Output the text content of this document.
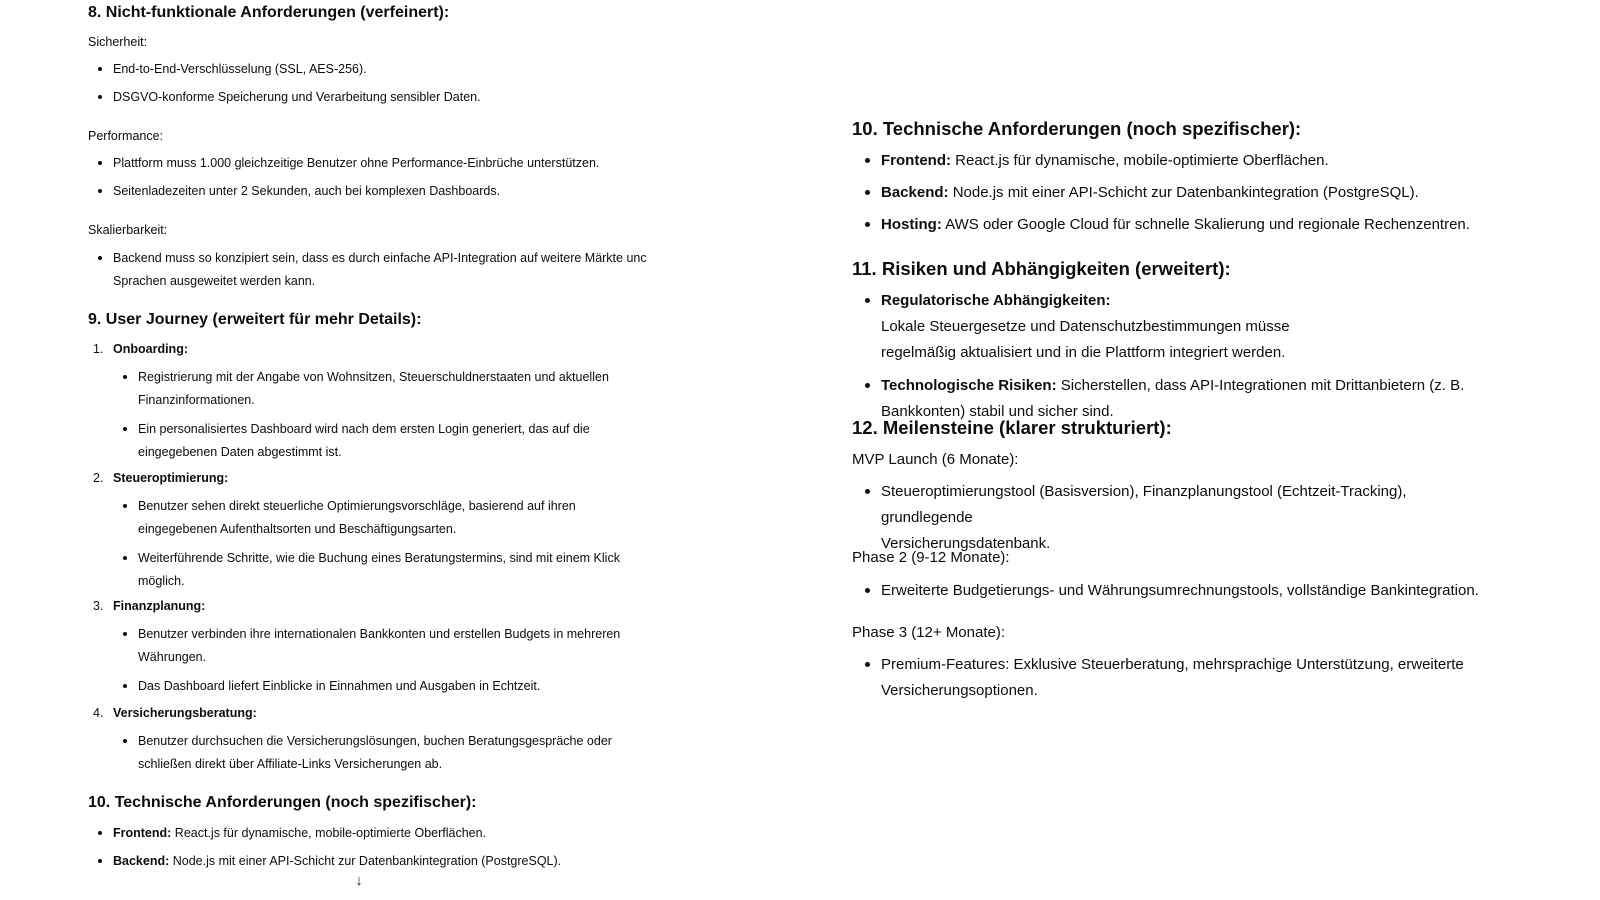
8. Nicht-funktionale Anforderungen (verfeinert):
Sicherheit:
• End-to-End-Verschlüsselung (SSL, AES-256).
• DSGVO-konforme Speicherung und Verarbeitung sensibler Daten.
Performance:
• Plattform muss 1.000 gleichzeitige Benutzer ohne Performance-Einbrüche unterstützen.
• Seitenladezeiten unter 2 Sekunden, auch bei komplexen Dashboards.
Skalierbarkeit:
• Backend muss so konzipiert sein, dass es durch einfache API-Integration auf weitere Märkte unc
Sprachen ausgeweitet werden kann.
9. User Journey (erweitert für mehr Details):
1. Onboarding:
• Registrierung mit der Angabe von Wohnsitzen, Steuerschuldnerstaaten und aktuellen
Finanzinformationen.
• Ein personalisiertes Dashboard wird nach dem ersten Login generiert, das auf die
eingegebenen Daten abgestimmt ist.
2. Steueroptimierung:
• Benutzer sehen direkt steuerliche Optimierungsvorschläge, basierend auf ihren
eingegebenen Aufenthaltsorten und Beschäftigungsarten.
• Weiterführende Schritte, wie die Buchung eines Beratungstermins, sind mit einem Klick
möglich.
3. Finanzplanung:
• Benutzer verbinden ihre internationalen Bankkonten und erstellen Budgets in mehreren
Währungen.
• Das Dashboard liefert Einblicke in Einnahmen und Ausgaben in Echtzeit.
4. Versicherungsberatung:
• Benutzer durchsuchen die Versicherungslösungen, buchen Beratungsgespräche oder
schließen direkt über Affiliate-Links Versicherungen ab.
10. Technische Anforderungen (noch spezifischer):
• Frontend: React.js für dynamische, mobile-optimierte Oberflächen.
• Backend: Node.js mit einer API-Schicht zur Datenbankintegration (PostgreSQL).
↓
10. Technische Anforderungen (noch spezifischer):
• Frontend: React.js für dynamische, mobile-optimierte Oberflächen.
• Backend: Node.js mit einer API-Schicht zur Datenbankintegration (PostgreSQL).
• Hosting: AWS oder Google Cloud für schnelle Skalierung und regionale Rechenzentren.
11. Risiken und Abhängigkeiten (erweitert):
• Regulatorische Abhängigkeiten: Lokale Steuergesetze und Datenschutzbestimmungen müsse
regelmäßig aktualisiert und in die Plattform integriert werden.
• Technologische Risiken: Sicherstellen, dass API-Integrationen mit Drittanbietern (z. B.
Bankkonten) stabil und sicher sind.
12. Meilensteine (klarer strukturiert):
MVP Launch (6 Monate):
• Steueroptimierungstool (Basisversion), Finanzplanungstool (Echtzeit-Tracking), grundlegende
Versicherungsdatenbank.
Phase 2 (9-12 Monate):
• Erweiterte Budgetierungs- und Währungsumrechnungstools, vollständige Bankintegration.
Phase 3 (12+ Monate):
• Premium-Features: Exklusive Steuerberatung, mehrsprachige Unterstützung, erweiterte
Versicherungsoptionen.
